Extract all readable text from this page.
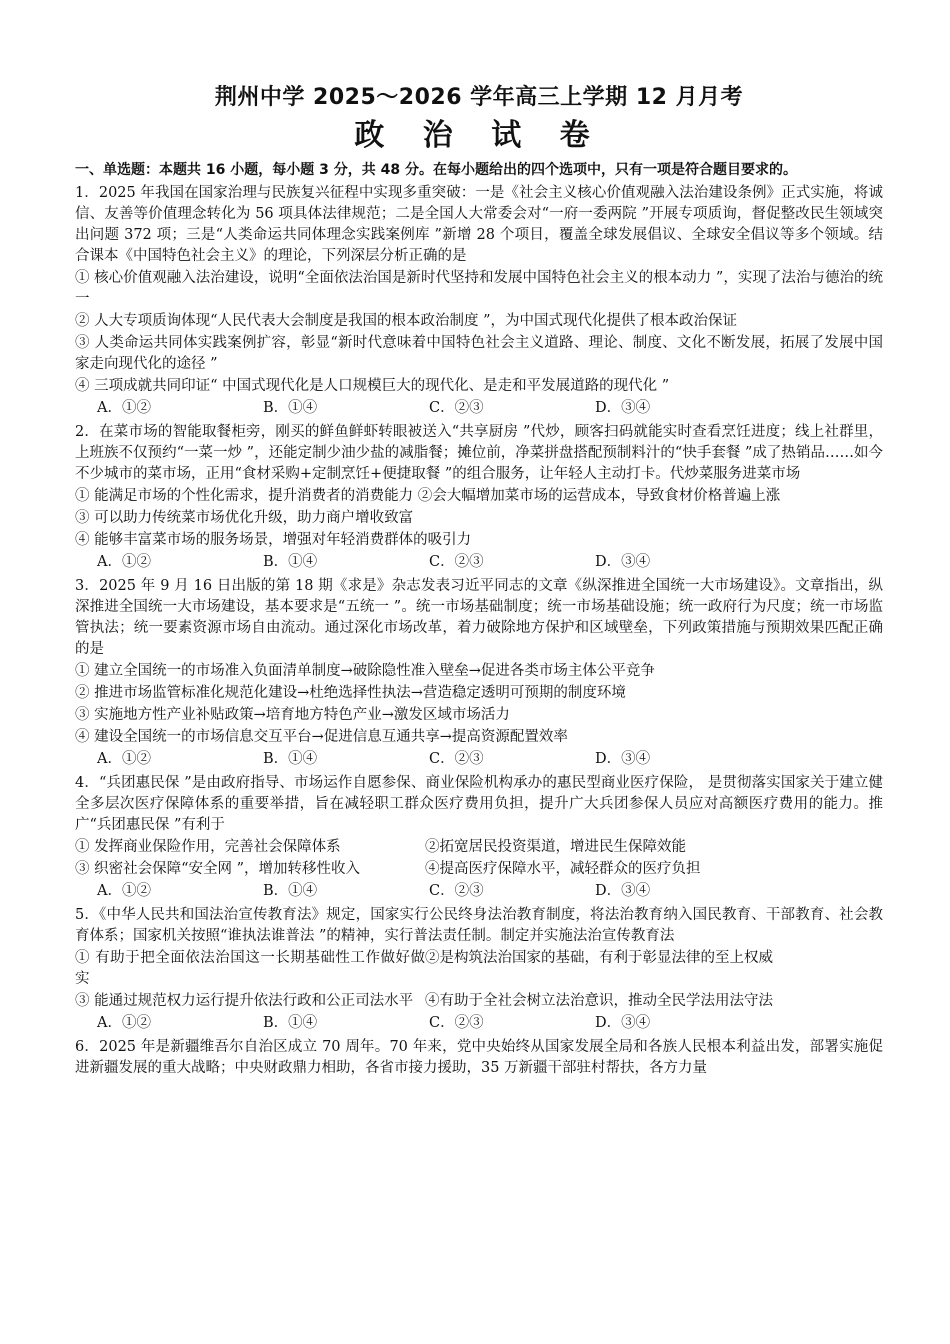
荆州中学 2025～2026 学年高三上学期 12 月月考
政 治 试 卷

一、单选题：本题共 16 小题，每小题 3 分，共 48 分。在每小题给出的四个选项中，只有一项是符合题目要求的。

1．2025 年我国在国家治理与民族复兴征程中实现多重突破：一是《社会主义核心价值观融入法治建设条例》正式实施，将诚信、友善等价值理念转化为 56 项具体法律规范；二是全国人大常委会对“一府一委两院 ”开展专项质询，督促整改民生领域突出问题 372 项；三是“人类命运共同体理念实践案例库 ”新增 28 个项目，覆盖全球发展倡议、全球安全倡议等多个领域。结合课本《中国特色社会主义》的理论，下列深层分析正确的是

① 核心价值观融入法治建设，说明“全面依法治国是新时代坚持和发展中国特色社会主义的根本动力 ”，实现了法治与德治的统一

② 人大专项质询体现“人民代表大会制度是我国的根本政治制度 ”，为中国式现代化提供了根本政治保证

③ 人类命运共同体实践案例扩容，彰显“新时代意味着中国特色社会主义道路、理论、制度、文化不断发展，拓展了发展中国家走向现代化的途径 ”

④ 三项成就共同印证“ 中国式现代化是人口规模巨大的现代化、是走和平发展道路的现代化 ”

A．①②	B．①④	C．②③	D．③④

2．在菜市场的智能取餐柜旁，刚买的鲜鱼鲜虾转眼被送入“共享厨房 ”代炒，顾客扫码就能实时查看烹饪进度；线上社群里，上班族不仅预约“一菜一炒 ”，还能定制少油少盐的减脂餐；摊位前，净菜拼盘搭配预制料汁的“快手套餐 ”成了热销品……如今不少城市的菜市场，正用“食材采购+定制烹饪+便捷取餐 ”的组合服务，让年轻人主动打卡。代炒菜服务进菜市场

① 能满足市场的个性化需求，提升消费者的消费能力 ②会大幅增加菜市场的运营成本，导致食材价格普遍上涨

③ 可以助力传统菜市场优化升级，助力商户增收致富

④ 能够丰富菜市场的服务场景，增强对年轻消费群体的吸引力

A．①②	B．①④	C．②③	D．③④

3．2025 年 9 月 16 日出版的第 18 期《求是》杂志发表习近平同志的文章《纵深推进全国统一大市场建设》。文章指出，纵深推进全国统一大市场建设，基本要求是“五统一 ”。统一市场基础制度；统一市场基础设施；统一政府行为尺度；统一市场监管执法；统一要素资源市场自由流动。通过深化市场改革，着力破除地方保护和区域壁垒，下列政策措施与预期效果匹配正确的是

① 建立全国统一的市场准入负面清单制度→破除隐性准入壁垒→促进各类市场主体公平竞争

② 推进市场监管标准化规范化建设→杜绝选择性执法→营造稳定透明可预期的制度环境

③ 实施地方性产业补贴政策→培育地方特色产业→激发区域市场活力

④ 建设全国统一的市场信息交互平台→促进信息互通共享→提高资源配置效率

A．①②	B．①④	C．②③	D．③④

4．“兵团惠民保 ”是由政府指导、市场运作自愿参保、商业保险机构承办的惠民型商业医疗保险， 是贯彻落实国家关于建立健全多层次医疗保障体系的重要举措，旨在减轻职工群众医疗费用负担，提升广大兵团参保人员应对高额医疗费用的能力。推广“兵团惠民保 ”有利于

① 发挥商业保险作用，完善社会保障体系	②拓宽居民投资渠道，增进民生保障效能
③ 织密社会保障“安全网 ”，增加转移性收入	④提高医疗保障水平，减轻群众的医疗负担
A．①②	B．①④	C．②③	D．③④

5．《中华人民共和国法治宣传教育法》规定，国家实行公民终身法治教育制度，将法治教育纳入国民教育、干部教育、社会教育体系；国家机关按照“谁执法谁普法 ”的精神，实行普法责任制。制定并实施法治宣传教育法

① 有助于把全面依法治国这一长期基础性工作做好做实
②是构筑法治国家的基础，有利于彰显法律的至上权威
③ 能通过规范权力运行提升依法行政和公正司法水平 ④有助于全社会树立法治意识，推动全民学法用法守法
A．①②	B．①④	C．②③	D．③④

6．2025 年是新疆维吾尔自治区成立 70 周年。70 年来，党中央始终从国家发展全局和各族人民根本利益出发，部署实施促进新疆发展的重大战略；中央财政鼎力相助，各省市接力援助，35 万新疆干部驻村帮扶，各方力量
